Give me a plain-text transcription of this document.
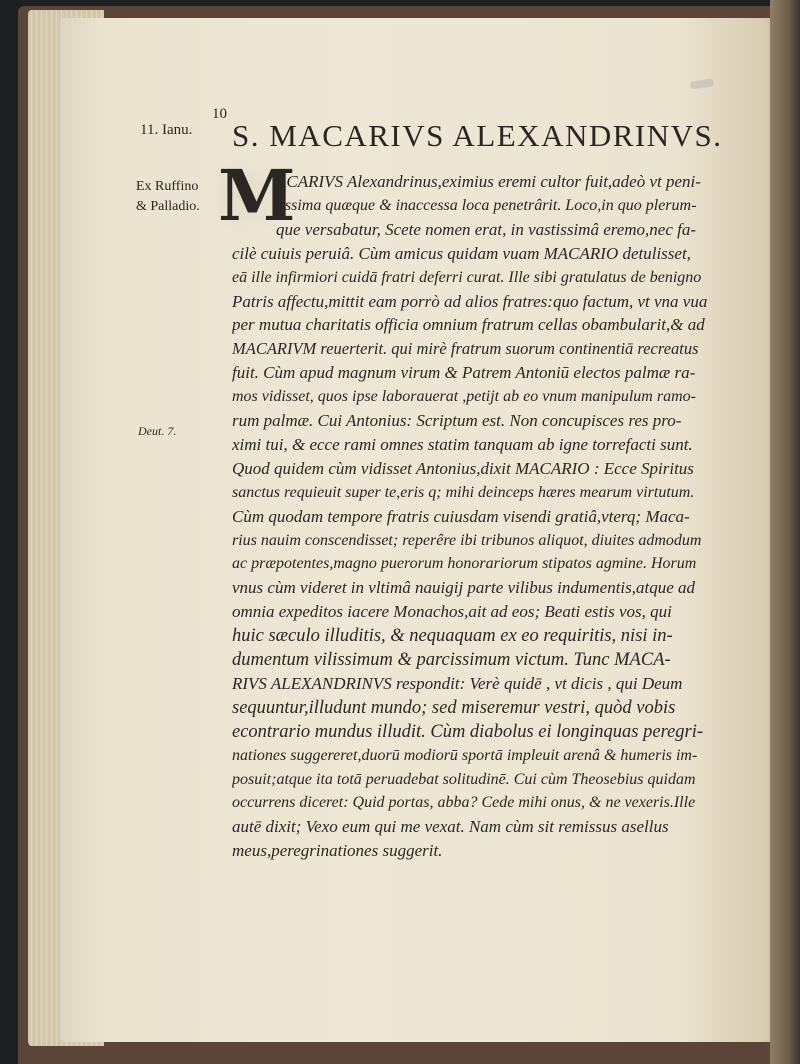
10
11. Ianu. S. MACARIVS ALEXANDRINVS.
Ex Ruffino
& Palladio.
Deut. 7.
M
ACARIVS Alexandrinus,eximius eremi cultor fuit,adeò vt peni-
tissima quæque & inaccessa loca penetrârit. Loco,in quo plerum-
que versabatur, Scete nomen erat, in vastissimâ eremo,nec fa-
cilè cuiuis peruiâ. Cùm amicus quidam vuam MACARIO detulisset,
eā ille infirmiori cuidā fratri deferri curat. Ille sibi gratulatus de benigno
Patris affectu,mittit eam porrò ad alios fratres:quo factum, vt vna vua
per mutua charitatis officia omnium fratrum cellas obambularit,& ad
MACARIVM reuerterit. qui mirè fratrum suorum continentiā recreatus
fuit. Cùm apud magnum virum & Patrem Antoniū electos palmæ ra-
mos vidisset, quos ipse laborauerat ,petijt ab eo vnum manipulum ramo-
rum palmæ. Cui Antonius: Scriptum est. Non concupisces res pro-
ximi tui, & ecce rami omnes statim tanquam ab igne torrefacti sunt.
Quod quidem cùm vidisset Antonius,dixit MACARIO : Ecce Spiritus
sanctus requieuit super te,eris q; mihi deinceps hæres mearum virtutum.
Cùm quodam tempore fratris cuiusdam visendi gratiâ,vterq; Maca-
rius nauim conscendisset; reperêre ibi tribunos aliquot, diuites admodum
ac præpotentes,magno puerorum honorariorum stipatos agmine. Horum
vnus cùm videret in vltimâ nauigij parte vilibus indumentis,atque ad
omnia expeditos iacere Monachos,ait ad eos; Beati estis vos, qui
huic sæculo illuditis, & nequaquam ex eo requiritis, nisi in-
dumentum vilissimum & parcissimum victum. Tunc MACA-
RIVS ALEXANDRINVS respondit: Verè quidē , vt dicis , qui Deum
sequuntur,illudunt mundo; sed miseremur vestri, quòd vobis
econtrario mundus illudit. Cùm diabolus ei longinquas peregri-
nationes suggereret,duorū modiorū sportā impleuit arenâ & humeris im-
posuit;atque ita totā peruadebat solitudinē. Cui cùm Theosebius quidam
occurrens diceret: Quid portas, abba? Cede mihi onus, & ne vexeris.Ille
autē dixit; Vexo eum qui me vexat. Nam cùm sit remissus asellus
meus,peregrinationes suggerit.
